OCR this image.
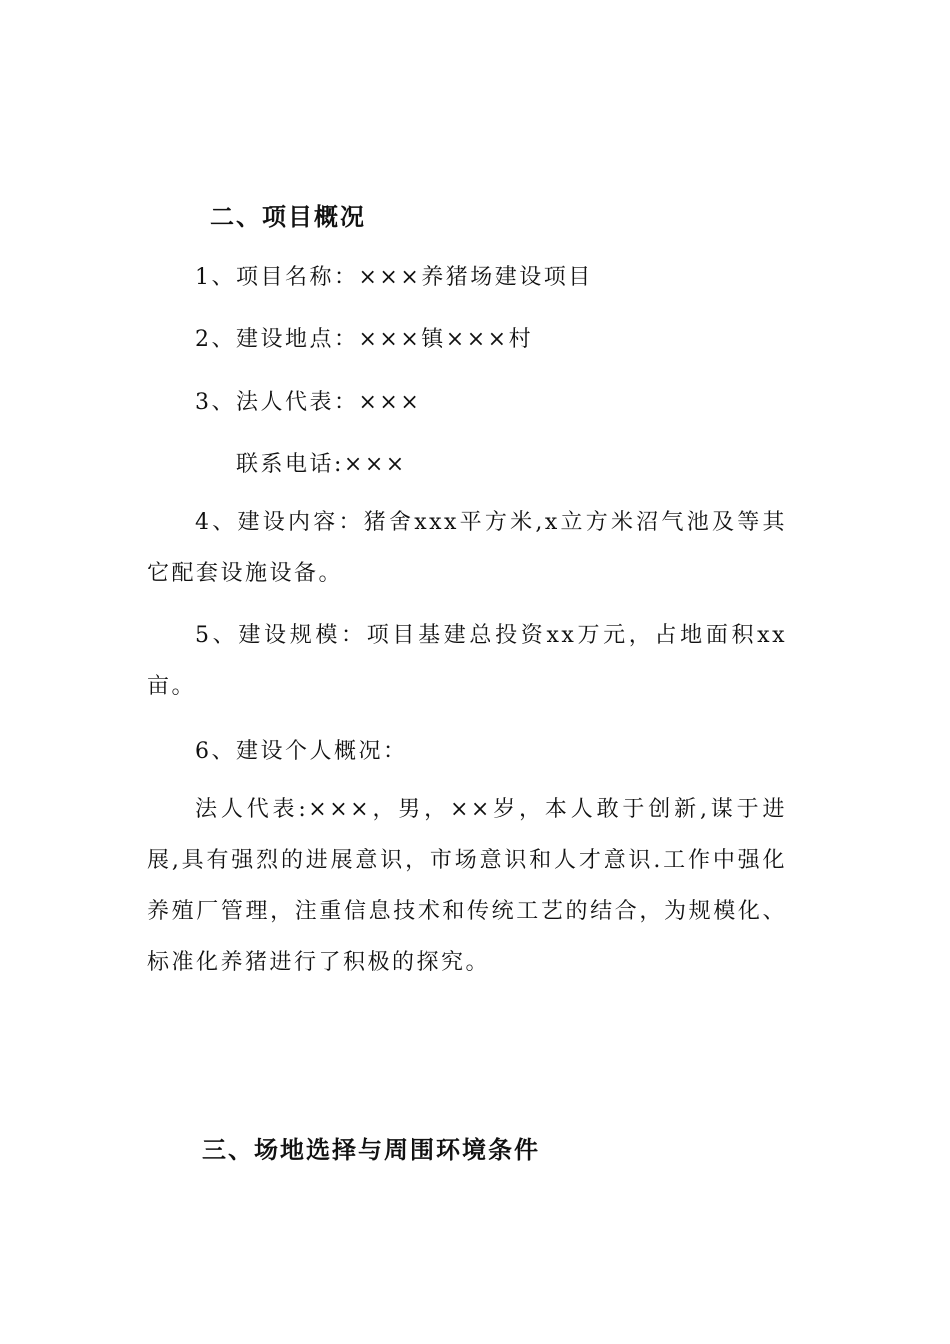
二、项目概况
1、项目名称：×××养猪场建设项目
2、建设地点：×××镇×××村
3、法人代表：×××
联系电话:×××
4、建设内容：猪舍xxx平方米,x立方米沼气池及等其它配套设施设备。
5、建设规模：项目基建总投资xx万元，占地面积xx亩。
6、建设个人概况：
法人代表:×××，男，××岁，本人敢于创新,谋于进展,具有强烈的进展意识，市场意识和人才意识.工作中强化养殖厂管理，注重信息技术和传统工艺的结合，为规模化、标准化养猪进行了积极的探究。
三、场地选择与周围环境条件
